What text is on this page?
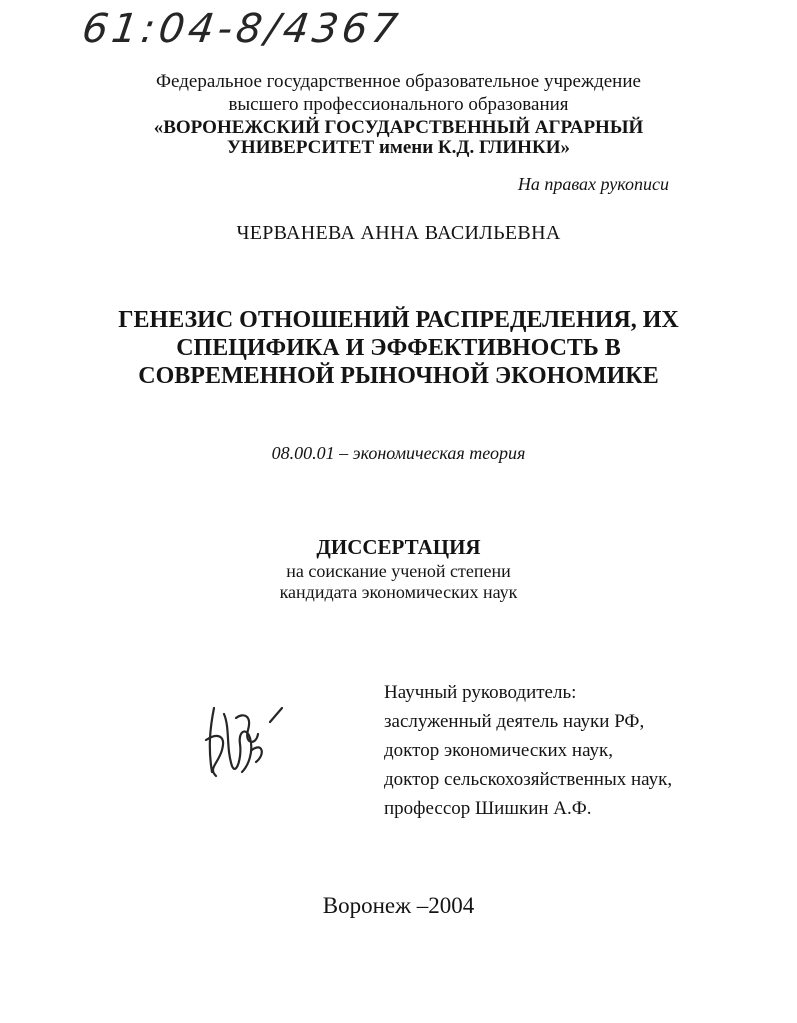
61:04-8/4367
Федеральное государственное образовательное учреждение
высшего профессионального образования
«ВОРОНЕЖСКИЙ ГОСУДАРСТВЕННЫЙ АГРАРНЫЙ
УНИВЕРСИТЕТ имени К.Д. ГЛИНКИ»
На правах рукописи
ЧЕРВАНЕВА АННА ВАСИЛЬЕВНА
ГЕНЕЗИС ОТНОШЕНИЙ РАСПРЕДЕЛЕНИЯ, ИХ
СПЕЦИФИКА И ЭФФЕКТИВНОСТЬ В
СОВРЕМЕННОЙ РЫНОЧНОЙ ЭКОНОМИКЕ
08.00.01 – экономическая теория
ДИССЕРТАЦИЯ
на соискание ученой степени
кандидата экономических наук
Научный руководитель:
заслуженный деятель науки РФ,
доктор экономических наук,
доктор сельскохозяйственных наук,
профессор Шишкин А.Ф.
Воронеж –2004
